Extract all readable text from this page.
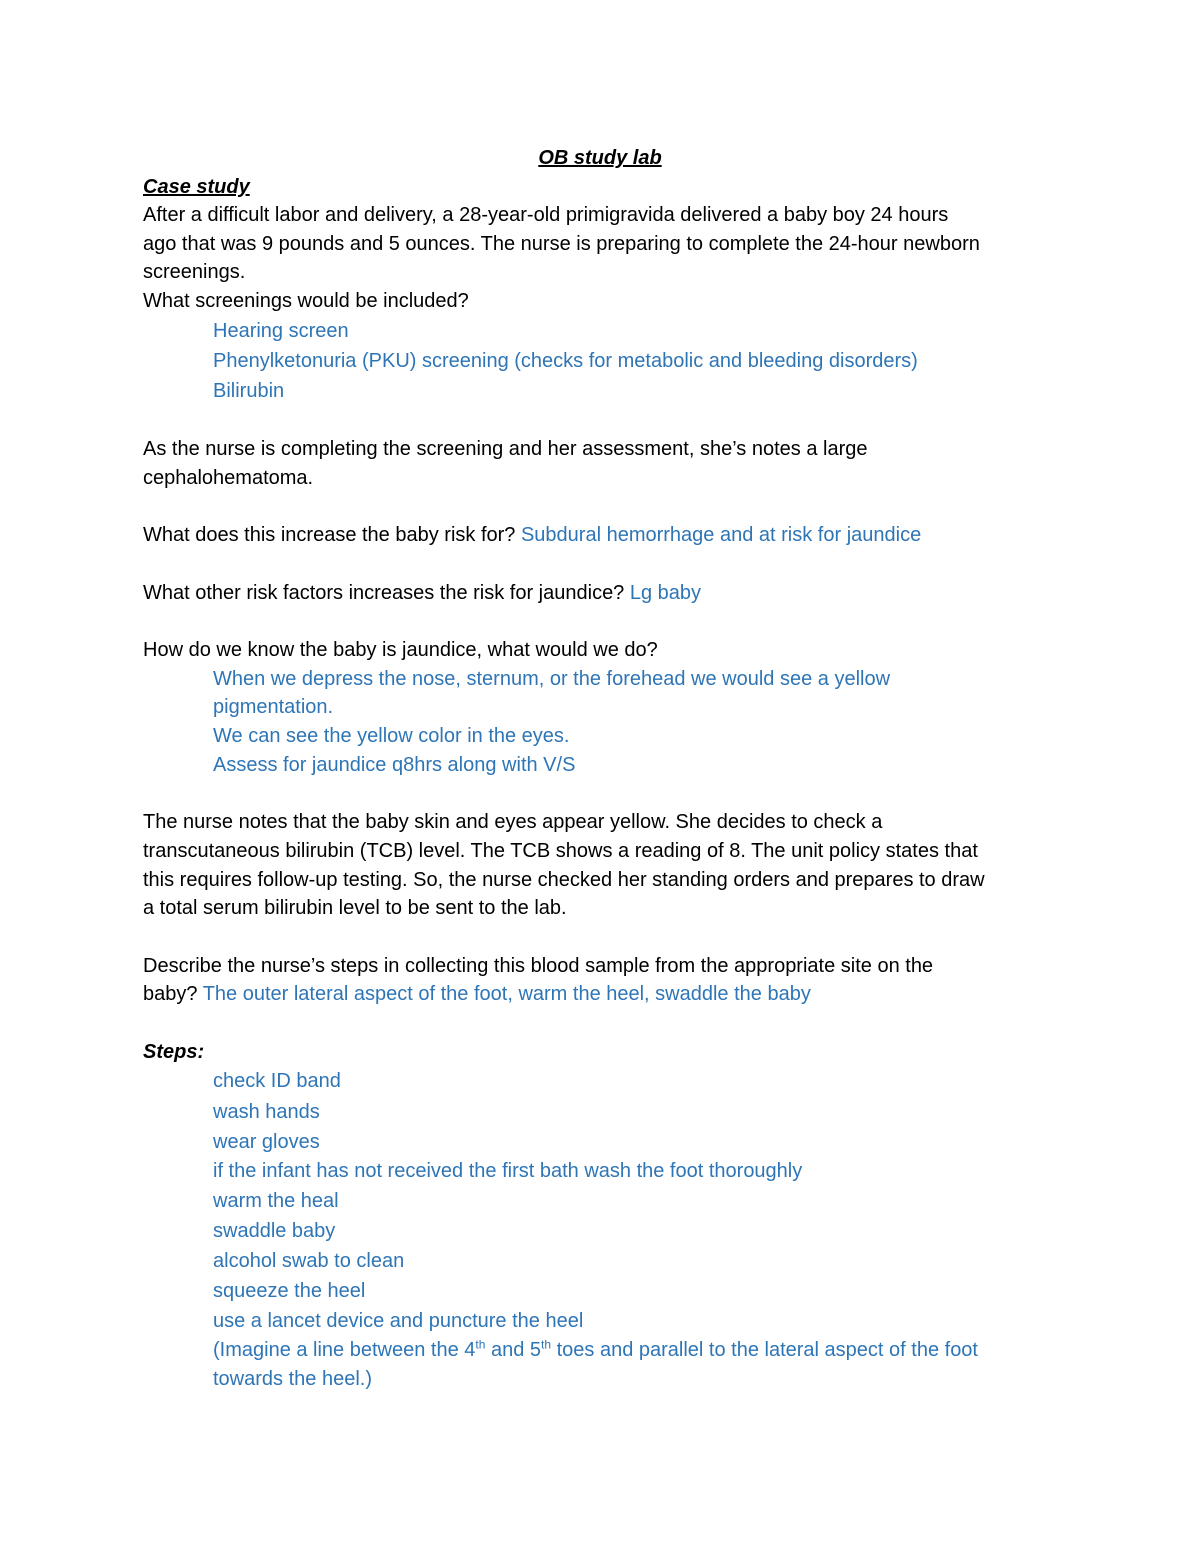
OB study lab
Case study
After a difficult labor and delivery, a 28-year-old primigravida delivered a baby boy 24 hours
ago that was 9 pounds and 5 ounces. The nurse is preparing to complete the 24-hour newborn
screenings.
What screenings would be included?
Hearing screen
Phenylketonuria (PKU) screening (checks for metabolic and bleeding disorders)
Bilirubin
As the nurse is completing the screening and her assessment, she’s notes a large
cephalohematoma.
What does this increase the baby risk for? Subdural hemorrhage and at risk for jaundice
What other risk factors increases the risk for jaundice? Lg baby
How do we know the baby is jaundice, what would we do?
When we depress the nose, sternum, or the forehead we would see a yellow
pigmentation.
We can see the yellow color in the eyes.
Assess for jaundice q8hrs along with V/S
The nurse notes that the baby skin and eyes appear yellow. She decides to check a
transcutaneous bilirubin (TCB) level. The TCB shows a reading of 8. The unit policy states that
this requires follow-up testing. So, the nurse checked her standing orders and prepares to draw
a total serum bilirubin level to be sent to the lab.
Describe the nurse’s steps in collecting this blood sample from the appropriate site on the
baby? The outer lateral aspect of the foot, warm the heel, swaddle the baby
Steps:
check ID band
wash hands
wear gloves
if the infant has not received the first bath wash the foot thoroughly
warm the heal
swaddle baby
alcohol swab to clean
squeeze the heel
use a lancet device and puncture the heel
(Imagine a line between the 4th and 5th toes and parallel to the lateral aspect of the foot
towards the heel.)
